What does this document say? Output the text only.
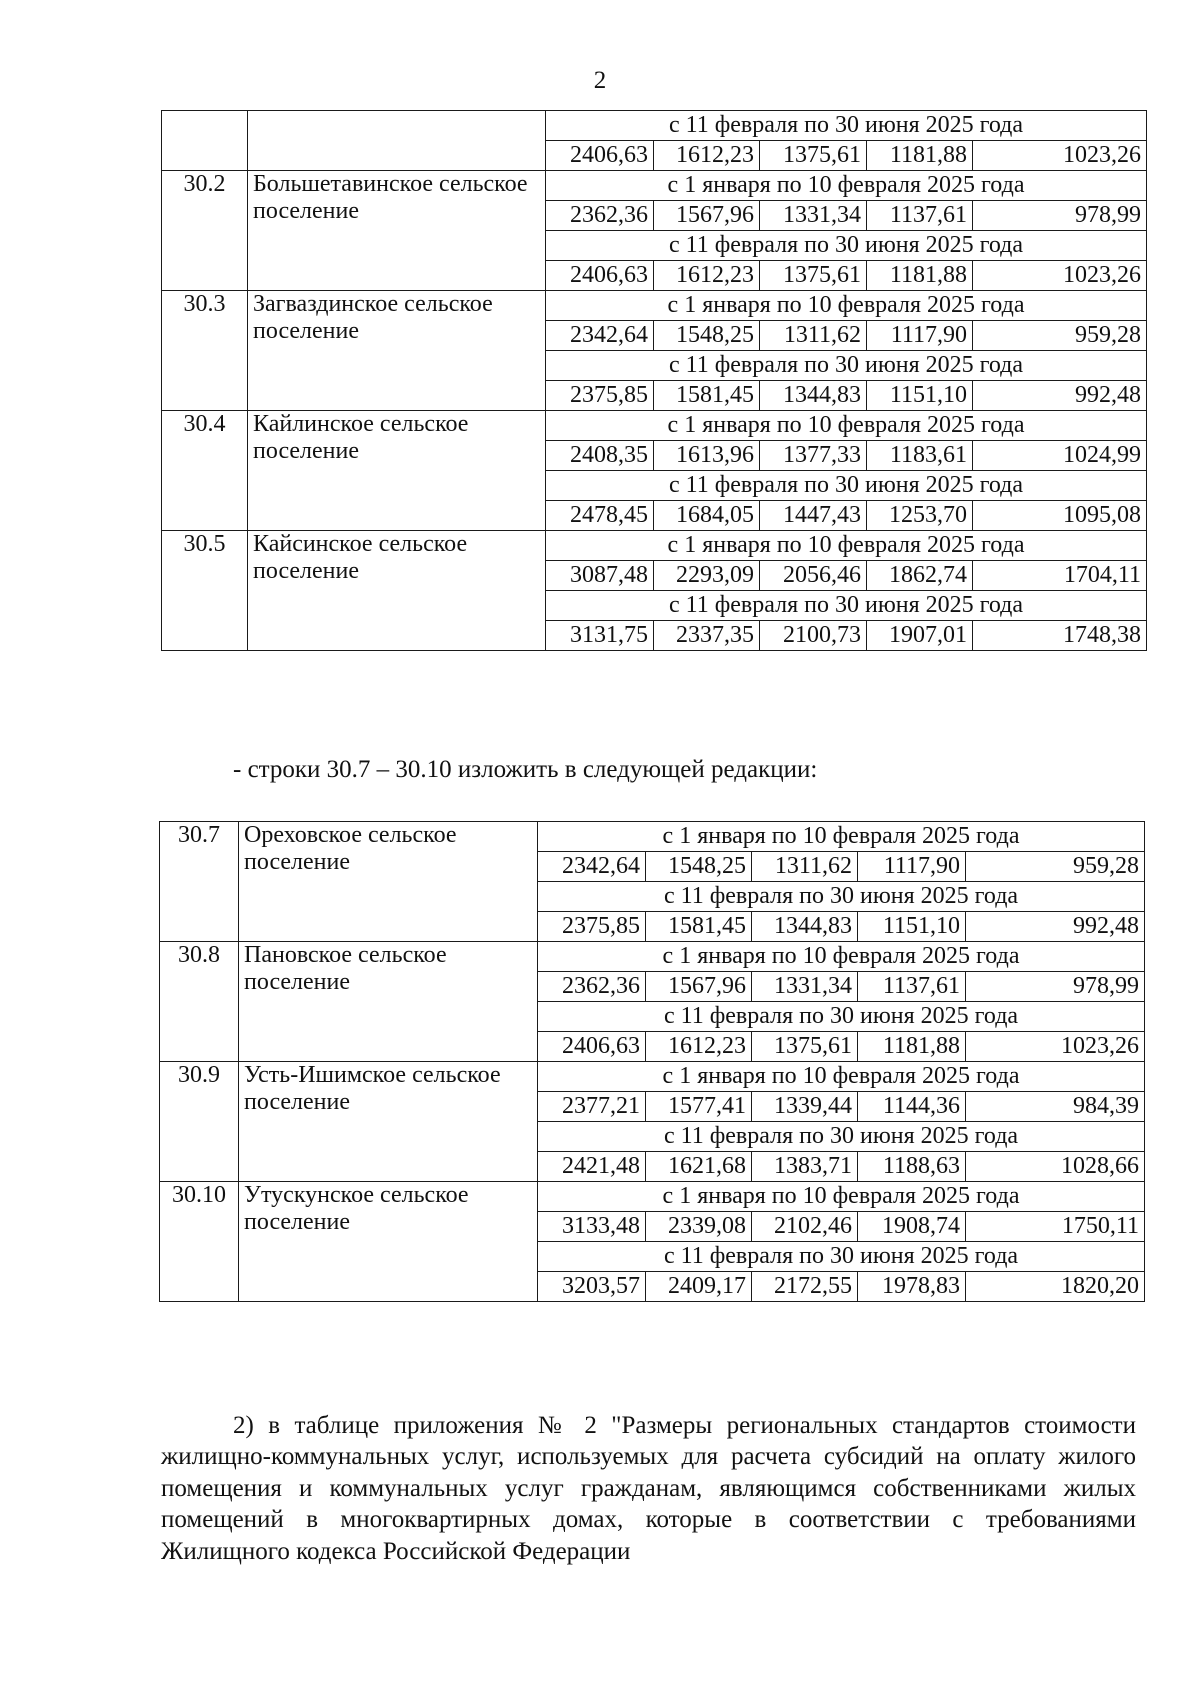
2
		с 11 февраля по 30 июня 2025 года				
		2406,63	1612,23	1375,61	1181,88	1023,26
30.2	Большетавинское сельское поселение	с 1 января по 10 февраля 2025 года				
		2362,36	1567,96	1331,34	1137,61	978,99
		с 11 февраля по 30 июня 2025 года				
		2406,63	1612,23	1375,61	1181,88	1023,26
30.3	Загваздинское сельское поселение	с 1 января по 10 февраля 2025 года				
		2342,64	1548,25	1311,62	1117,90	959,28
		с 11 февраля по 30 июня 2025 года				
		2375,85	1581,45	1344,83	1151,10	992,48
30.4	Кайлинское сельское поселение	с 1 января по 10 февраля 2025 года				
		2408,35	1613,96	1377,33	1183,61	1024,99
		с 11 февраля по 30 июня 2025 года				
		2478,45	1684,05	1447,43	1253,70	1095,08
30.5	Кайсинское сельское поселение	с 1 января по 10 февраля 2025 года				
		3087,48	2293,09	2056,46	1862,74	1704,11
		с 11 февраля по 30 июня 2025 года				
		3131,75	2337,35	2100,73	1907,01	1748,38
- строки 30.7 – 30.10 изложить в следующей редакции:
30.7	Ореховское сельское поселение	с 1 января по 10 февраля 2025 года				
		2342,64	1548,25	1311,62	1117,90	959,28
		с 11 февраля по 30 июня 2025 года				
		2375,85	1581,45	1344,83	1151,10	992,48
30.8	Пановское сельское поселение	с 1 января по 10 февраля 2025 года				
		2362,36	1567,96	1331,34	1137,61	978,99
		с 11 февраля по 30 июня 2025 года				
		2406,63	1612,23	1375,61	1181,88	1023,26
30.9	Усть-Ишимское сельское поселение	с 1 января по 10 февраля 2025 года				
		2377,21	1577,41	1339,44	1144,36	984,39
		с 11 февраля по 30 июня 2025 года				
		2421,48	1621,68	1383,71	1188,63	1028,66
30.10	Утускунское сельское поселение	с 1 января по 10 февраля 2025 года				
		3133,48	2339,08	2102,46	1908,74	1750,11
		с 11 февраля по 30 июня 2025 года				
		3203,57	2409,17	2172,55	1978,83	1820,20

2) в таблице приложения № 2 "Размеры региональных стандартов стоимости жилищно-коммунальных услуг, используемых для расчета субсидий на оплату жилого помещения и коммунальных услуг гражданам, являющимся собственниками жилых помещений в многоквартирных домах, которые в соответствии с требованиями Жилищного кодекса Российской Федерации
